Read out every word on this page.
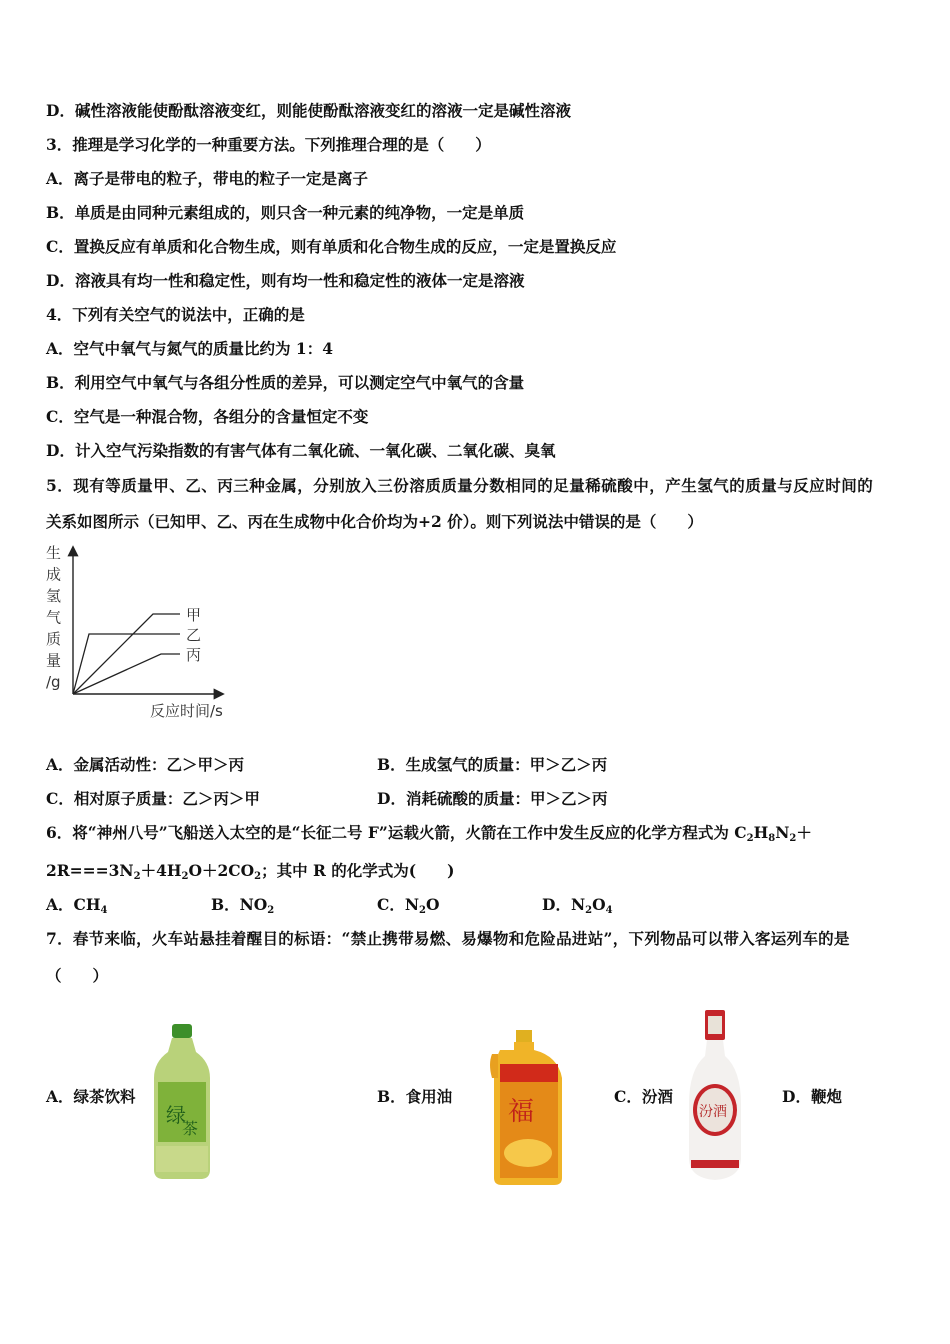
D．碱性溶液能使酚酞溶液变红，则能使酚酞溶液变红的溶液一定是碱性溶液
3．推理是学习化学的一种重要方法。下列推理合理的是（　　）
A．离子是带电的粒子，带电的粒子一定是离子
B．单质是由同种元素组成的，则只含一种元素的纯净物，一定是单质
C．置换反应有单质和化合物生成，则有单质和化合物生成的反应，一定是置换反应
D．溶液具有均一性和稳定性，则有均一性和稳定性的液体一定是溶液
4．下列有关空气的说法中，正确的是
A．空气中氧气与氮气的质量比约为 1：4
B．利用空气中氧气与各组分性质的差异，可以测定空气中氧气的含量
C．空气是一种混合物，各组分的含量恒定不变
D．计入空气污染指数的有害气体有二氧化硫、一氧化碳、二氧化碳、臭氧
5．现有等质量甲、乙、丙三种金属，分别放入三份溶质质量分数相同的足量稀硫酸中，产生氢气的质量与反应时间的
关系如图所示（已知甲、乙、丙在生成物中化合价均为+2 价）。则下列说法中错误的是（　　）
生
成
氢
气
质
量
/g
甲
乙
丙
反应时间/s
A．金属活动性：乙＞甲＞丙	B．生成氢气的质量：甲＞乙＞丙
C．相对原子质量：乙＞丙＞甲	D．消耗硫酸的质量：甲＞乙＞丙
6．将“神州八号”飞船送入太空的是“长征二号 F”运载火箭，火箭在工作中发生反应的化学方程式为 $C_2H_8N_2+$
$2R===3N_2+4H_2O+2CO_2$；其中 R 的化学式为(　　)
A．$CH_4$	B．$NO_2$	C．$N_2O$	D．$N_2O_4$
7．春节来临，火车站悬挂着醒目的标语：“禁止携带易燃、易爆物和危险品进站”，下列物品可以带入客运列车的是
（　　）
A．绿茶饮料	B．食用油	C．汾酒	D．鞭炮
绿
茶
福	汾酒
